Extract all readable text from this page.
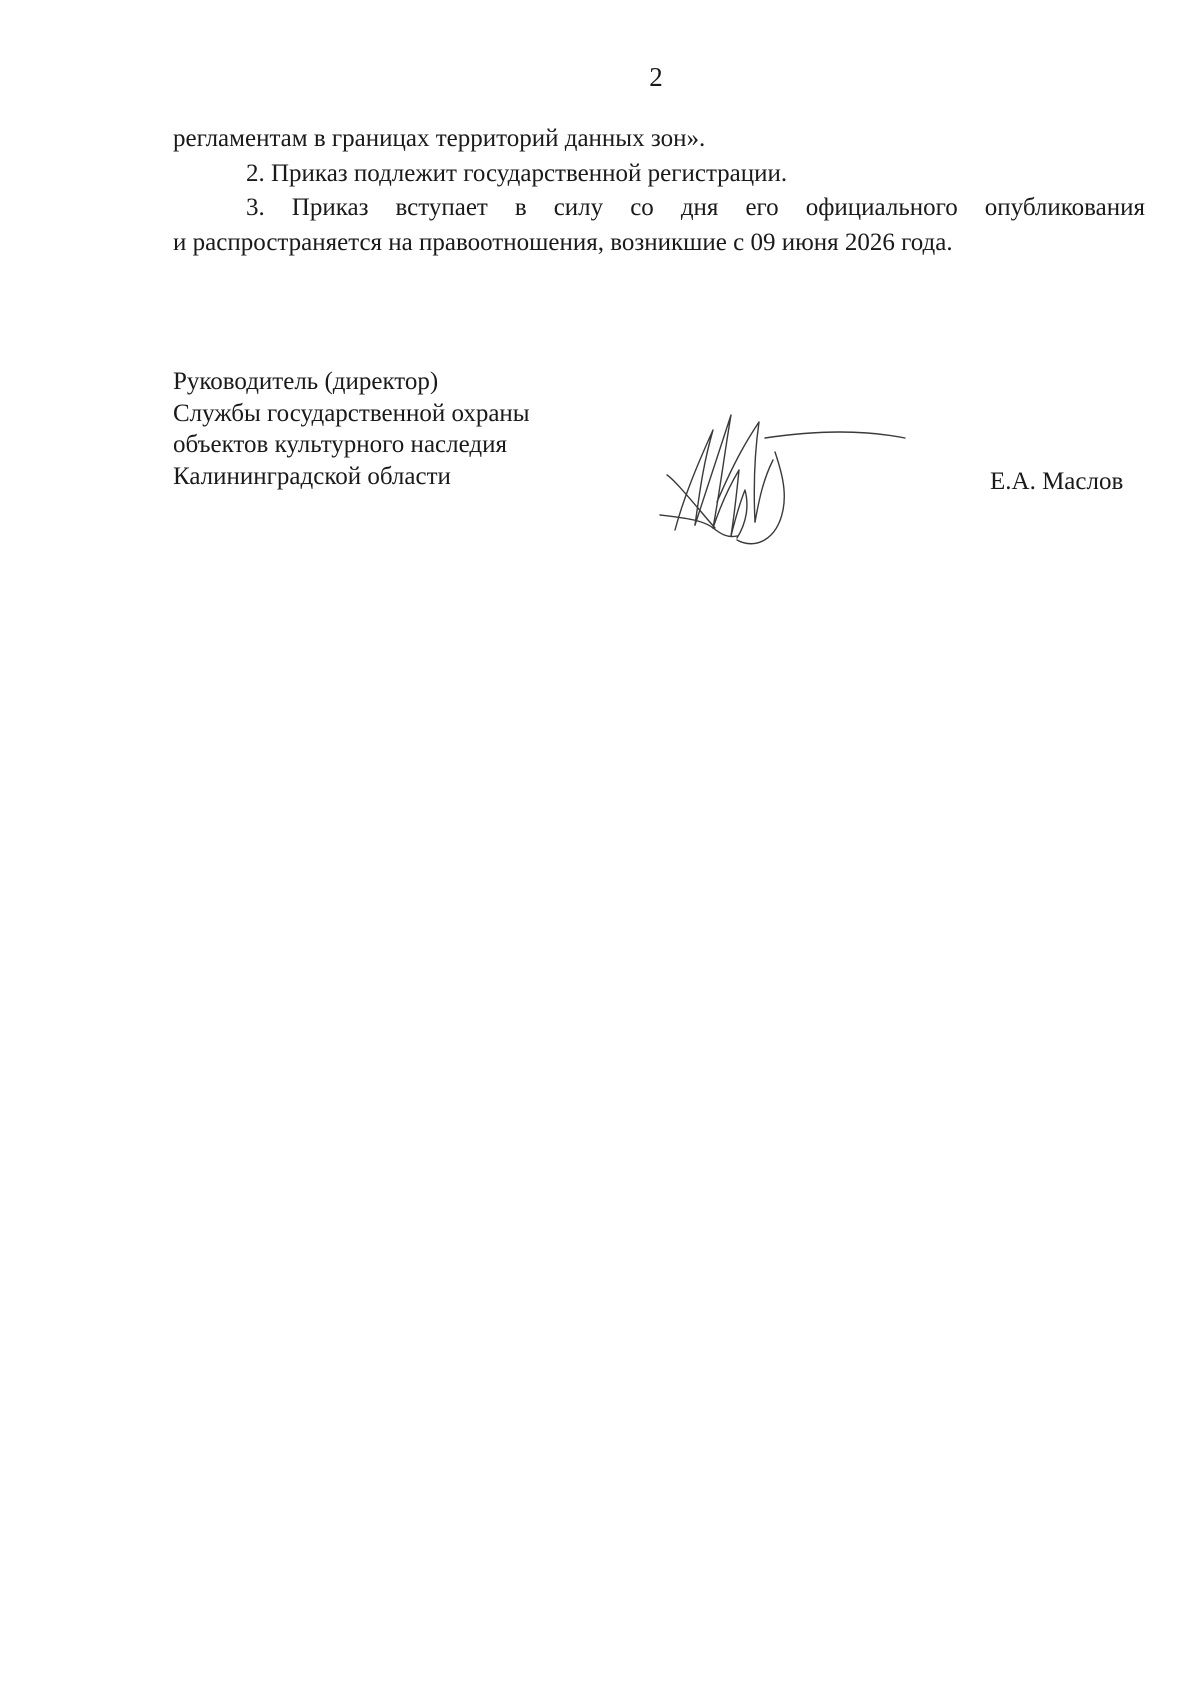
2

регламентам в границах территорий данных зон».

2. Приказ подлежит государственной регистрации.

3. Приказ вступает в силу со дня его официального опубликования
и распространяется на правоотношения, возникшие с 09 июня 2026 года.

Руководитель (директор)
Службы государственной охраны
объектов культурного наследия
Калининградской области	Е.А. Маслов
